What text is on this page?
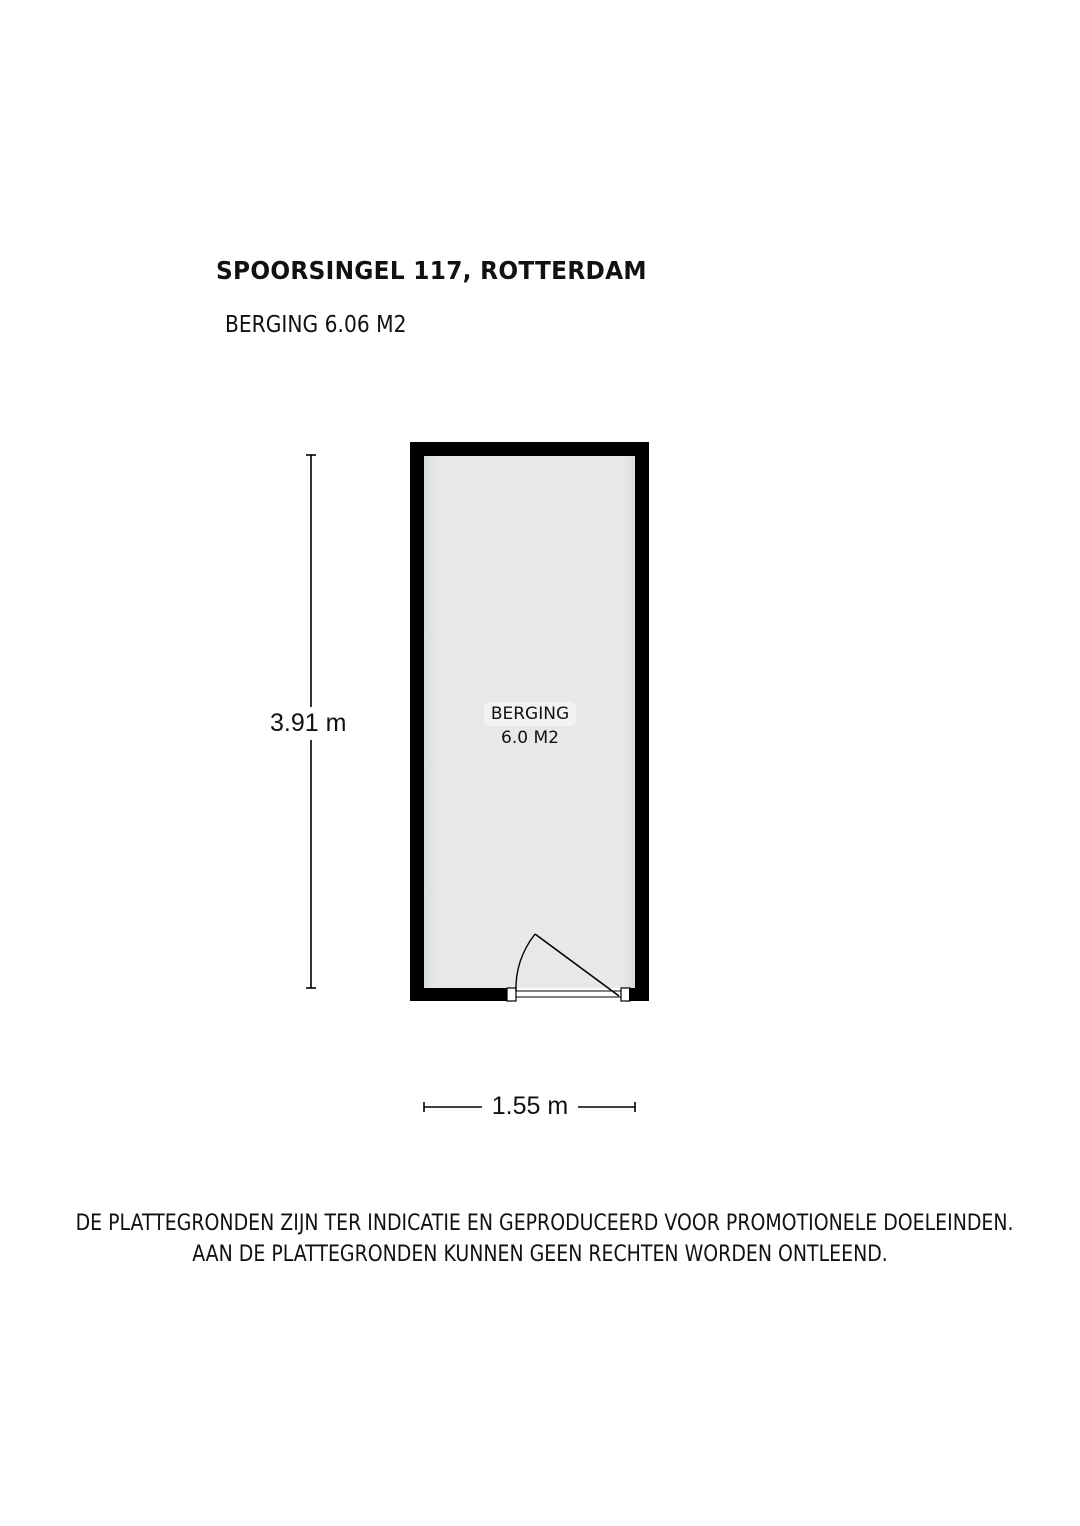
SPOORSINGEL 117, ROTTERDAM
BERGING 6.06 M2
BERGING
6.0 M2
3.91 m
1.55 m
DE PLATTEGRONDEN ZIJN TER INDICATIE EN GEPRODUCEERD VOOR PROMOTIONELE DOELEINDEN.
AAN DE PLATTEGRONDEN KUNNEN GEEN RECHTEN WORDEN ONTLEEND.
